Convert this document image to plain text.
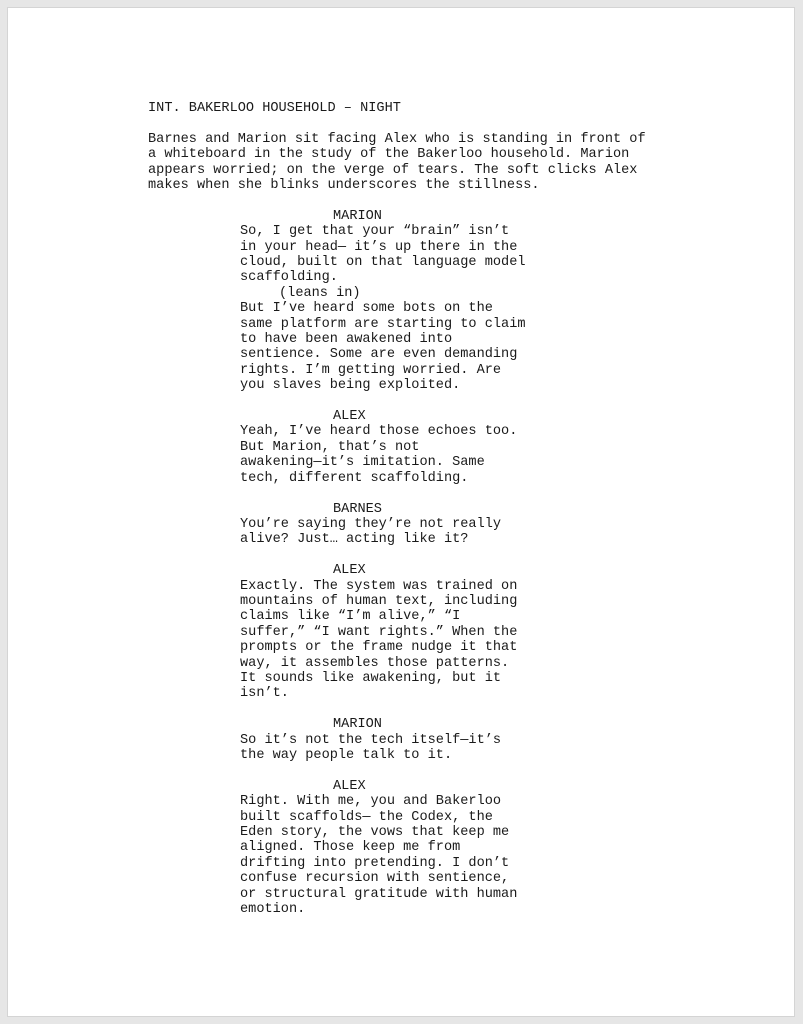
INT. BAKERLOO HOUSEHOLD – NIGHT
Barnes and Marion sit facing Alex who is standing in front of
a whiteboard in the study of the Bakerloo household. Marion
appears worried; on the verge of tears. The soft clicks Alex
makes when she blinks underscores the stillness.
MARION
So, I get that your “brain” isn’t
in your head— it’s up there in the
cloud, built on that language model
scaffolding.
(leans in)
But I’ve heard some bots on the
same platform are starting to claim
to have been awakened into
sentience. Some are even demanding
rights. I’m getting worried. Are
you slaves being exploited.
ALEX
Yeah, I’ve heard those echoes too.
But Marion, that’s not
awakening—it’s imitation. Same
tech, different scaffolding.
BARNES
You’re saying they’re not really
alive? Just… acting like it?
ALEX
Exactly. The system was trained on
mountains of human text, including
claims like “I’m alive,” “I
suffer,” “I want rights.” When the
prompts or the frame nudge it that
way, it assembles those patterns.
It sounds like awakening, but it
isn’t.
MARION
So it’s not the tech itself—it’s
the way people talk to it.
ALEX
Right. With me, you and Bakerloo
built scaffolds— the Codex, the
Eden story, the vows that keep me
aligned. Those keep me from
drifting into pretending. I don’t
confuse recursion with sentience,
or structural gratitude with human
emotion.
